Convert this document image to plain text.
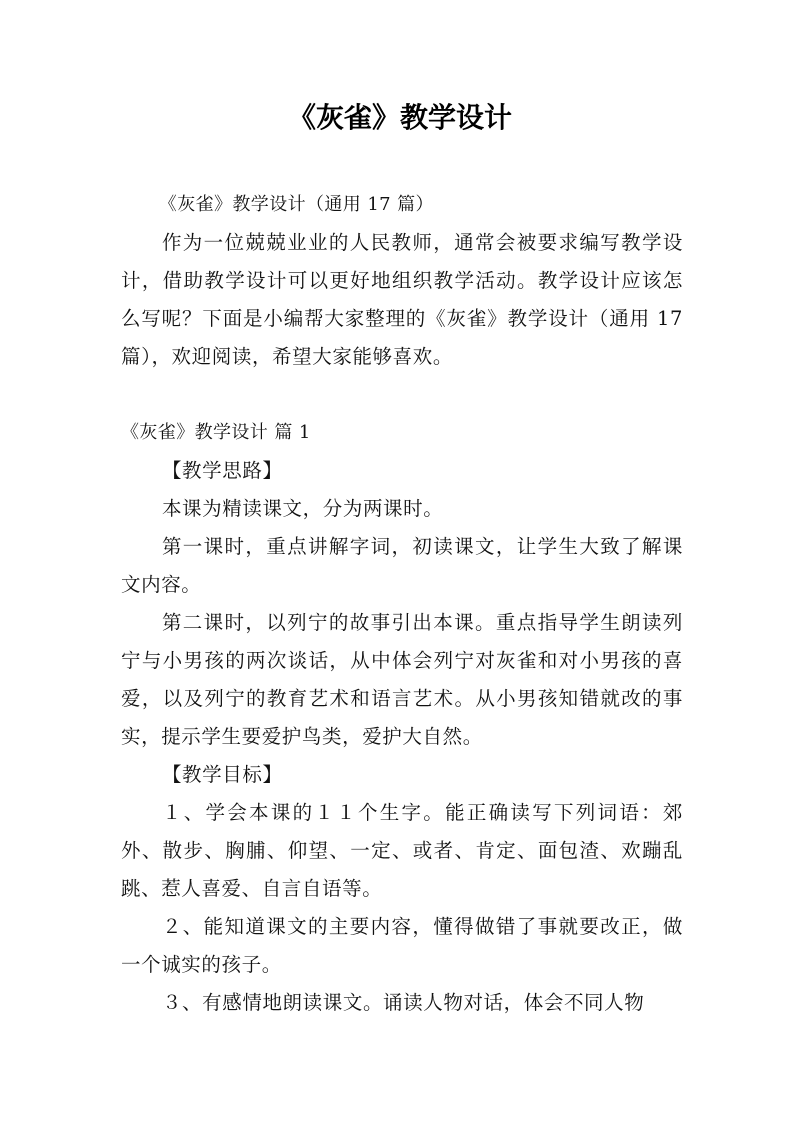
《灰雀》教学设计

《灰雀》教学设计（通用 17 篇）

作为一位兢兢业业的人民教师，通常会被要求编写教学设计，借助教学设计可以更好地组织教学活动。教学设计应该怎么写呢？下面是小编帮大家整理的《灰雀》教学设计（通用 17 篇），欢迎阅读，希望大家能够喜欢。

《灰雀》教学设计 篇 1

【教学思路】

本课为精读课文，分为两课时。

第一课时，重点讲解字词，初读课文，让学生大致了解课文内容。

第二课时，以列宁的故事引出本课。重点指导学生朗读列宁与小男孩的两次谈话，从中体会列宁对灰雀和对小男孩的喜爱，以及列宁的教育艺术和语言艺术。从小男孩知错就改的事实，提示学生要爱护鸟类，爱护大自然。

【教学目标】

１、学会本课的１１个生字。能正确读写下列词语：郊外、散步、胸脯、仰望、一定、或者、肯定、面包渣、欢蹦乱跳、惹人喜爱、自言自语等。

２、能知道课文的主要内容，懂得做错了事就要改正，做一个诚实的孩子。

３、有感情地朗读课文。诵读人物对话，体会不同人物
